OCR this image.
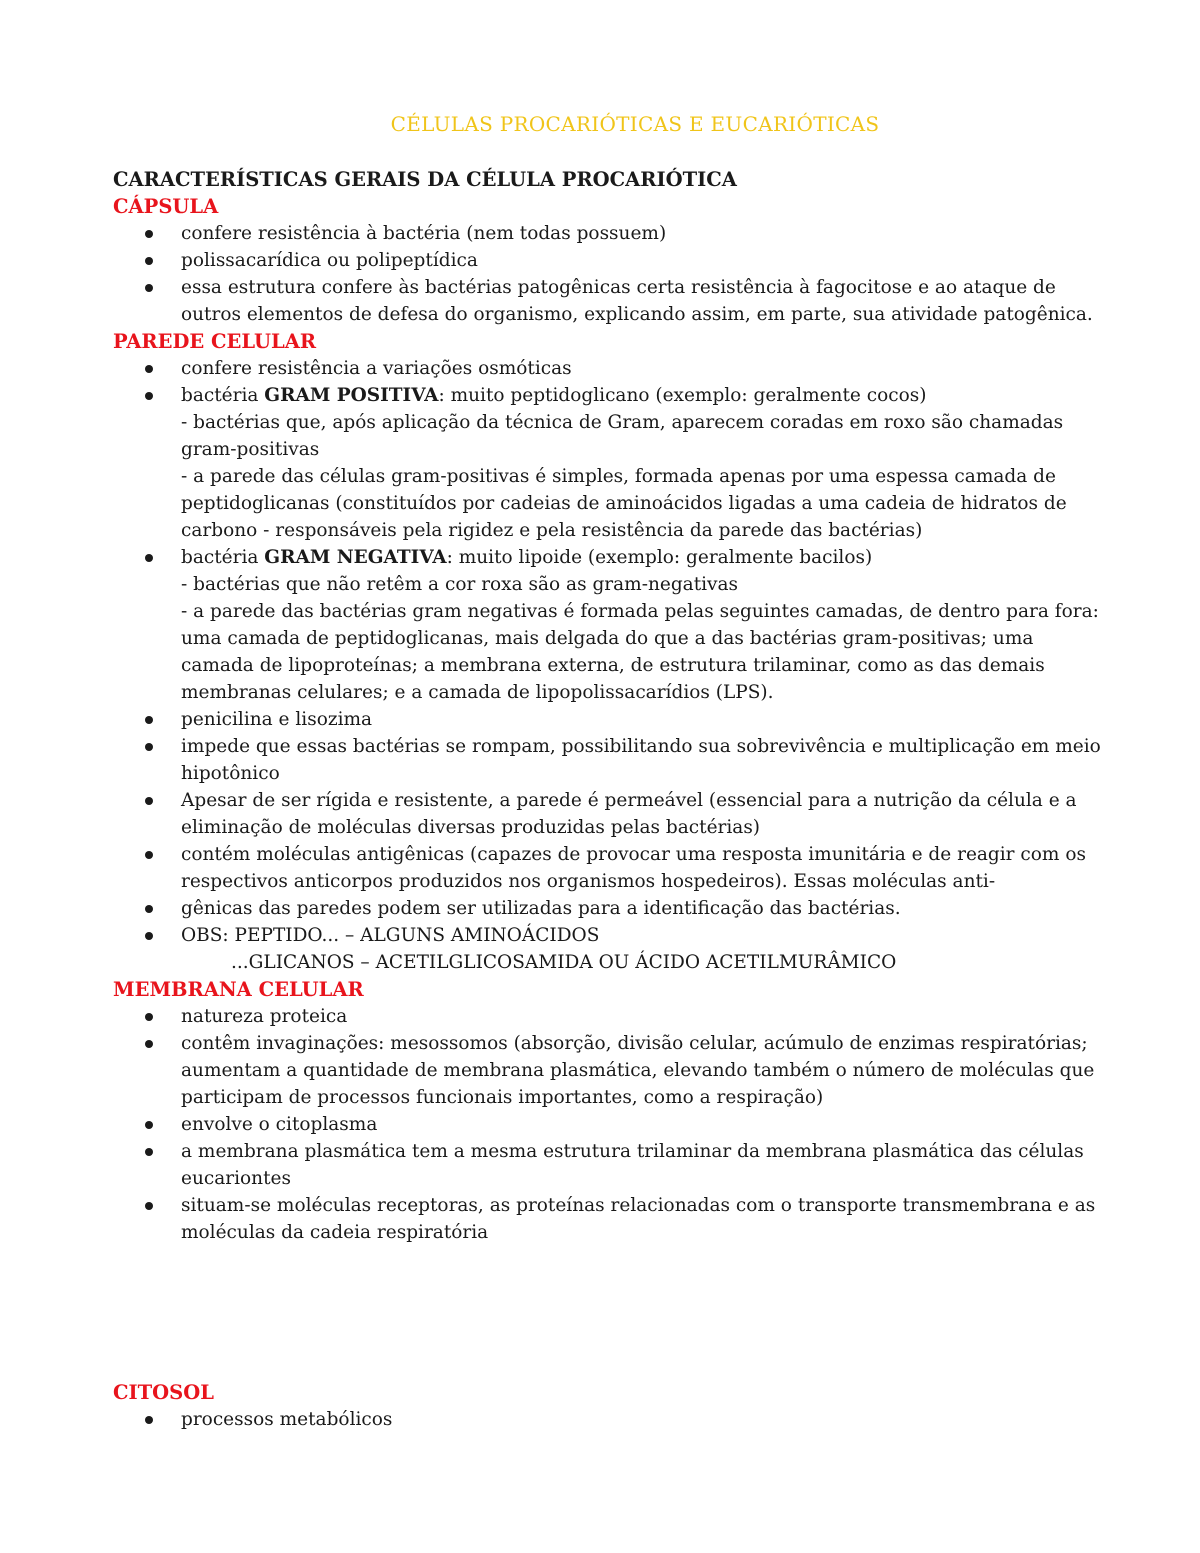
CÉLULAS PROCARIÓTICAS E EUCARIÓTICAS
CARACTERÍSTICAS GERAIS DA CÉLULA PROCARIÓTICA
CÁPSULA
confere resistência à bactéria (nem todas possuem)
polissacarídica ou polipeptídica
essa estrutura confere às bactérias patogênicas certa resistência à fagocitose e ao ataque de outros elementos de defesa do organismo, explicando assim, em parte, sua atividade patogênica.
PAREDE CELULAR
confere resistência a variações osmóticas
bactéria GRAM POSITIVA: muito peptidoglicano (exemplo: geralmente cocos)
- bactérias que, após aplicação da técnica de Gram, aparecem coradas em roxo são chamadas gram-positivas
- a parede das células gram-positivas é simples, formada apenas por uma espessa camada de peptidoglicanas (constituídos por cadeias de aminoácidos ligadas a uma cadeia de hidratos de carbono - responsáveis pela rigidez e pela resistência da parede das bactérias)
bactéria GRAM NEGATIVA: muito lipoide (exemplo: geralmente bacilos)
- bactérias que não retêm a cor roxa são as gram-negativas
- a parede das bactérias gram negativas é formada pelas seguintes camadas, de dentro para fora: uma camada de peptidoglicanas, mais delgada do que a das bactérias gram-positivas; uma camada de lipoproteínas; a membrana externa, de estrutura trilaminar, como as das demais membranas celulares; e a camada de lipopolissacarídios (LPS).
penicilina e lisozima
impede que essas bactérias se rompam, possibilitando sua sobrevivência e multiplicação em meio hipotônico
Apesar de ser rígida e resistente, a parede é permeável (essencial para a nutrição da célula e a eliminação de moléculas diversas produzidas pelas bactérias)
contém moléculas antigênicas (capazes de provocar uma resposta imunitária e de reagir com os respectivos anticorpos produzidos nos organismos hospedeiros). Essas moléculas anti-
gênicas das paredes podem ser utilizadas para a identificação das bactérias.
OBS: PEPTIDO... – ALGUNS AMINOÁCIDOS
...GLICANOS – ACETILGLICOSAMIDA OU ÁCIDO ACETILMURÂMICO
MEMBRANA CELULAR
natureza proteica
contêm invaginações: mesossomos (absorção, divisão celular, acúmulo de enzimas respiratórias; aumentam a quantidade de membrana plasmática, elevando também o número de moléculas que participam de processos funcionais importantes, como a respiração)
envolve o citoplasma
a membrana plasmática tem a mesma estrutura trilaminar da membrana plasmática das células eucariontes
situam-se moléculas receptoras, as proteínas relacionadas com o transporte transmembrana e as moléculas da cadeia respiratória
CITOSOL
processos metabólicos
